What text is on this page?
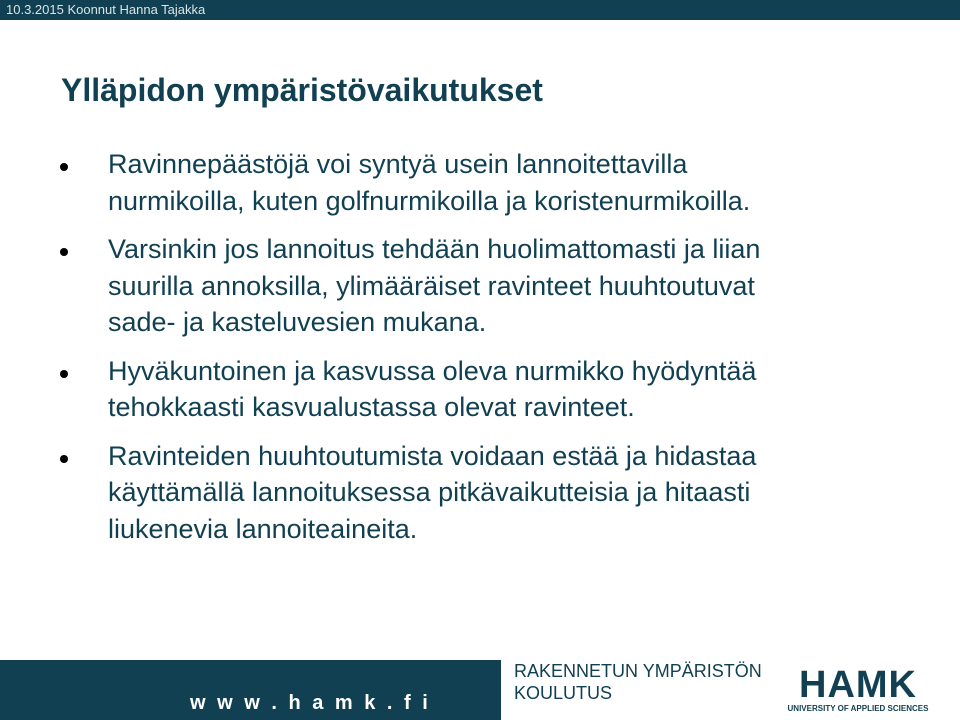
10.3.2015 Koonnut Hanna Tajakka
Ylläpidon ympäristövaikutukset
Ravinnepäästöjä voi syntyä usein lannoitettavilla
nurmikoilla, kuten golfnurmikoilla ja koristenurmikoilla.
Varsinkin jos lannoitus tehdään huolimattomasti ja liian
suurilla annoksilla, ylimääräiset ravinteet huuhtoutuvat
sade- ja kasteluvesien mukana.
Hyväkuntoinen ja kasvussa oleva nurmikko hyödyntää
tehokkaasti kasvualustassa olevat ravinteet.
Ravinteiden huuhtoutumista voidaan estää ja hidastaa
käyttämällä lannoituksessa pitkävaikutteisia ja hitaasti
liukenevia lannoiteaineita.
w w w . h a m k . f i
RAKENNETUN YMPÄRISTÖN
KOULUTUS	HAMK
UNIVERSITY OF APPLIED SCIENCES
